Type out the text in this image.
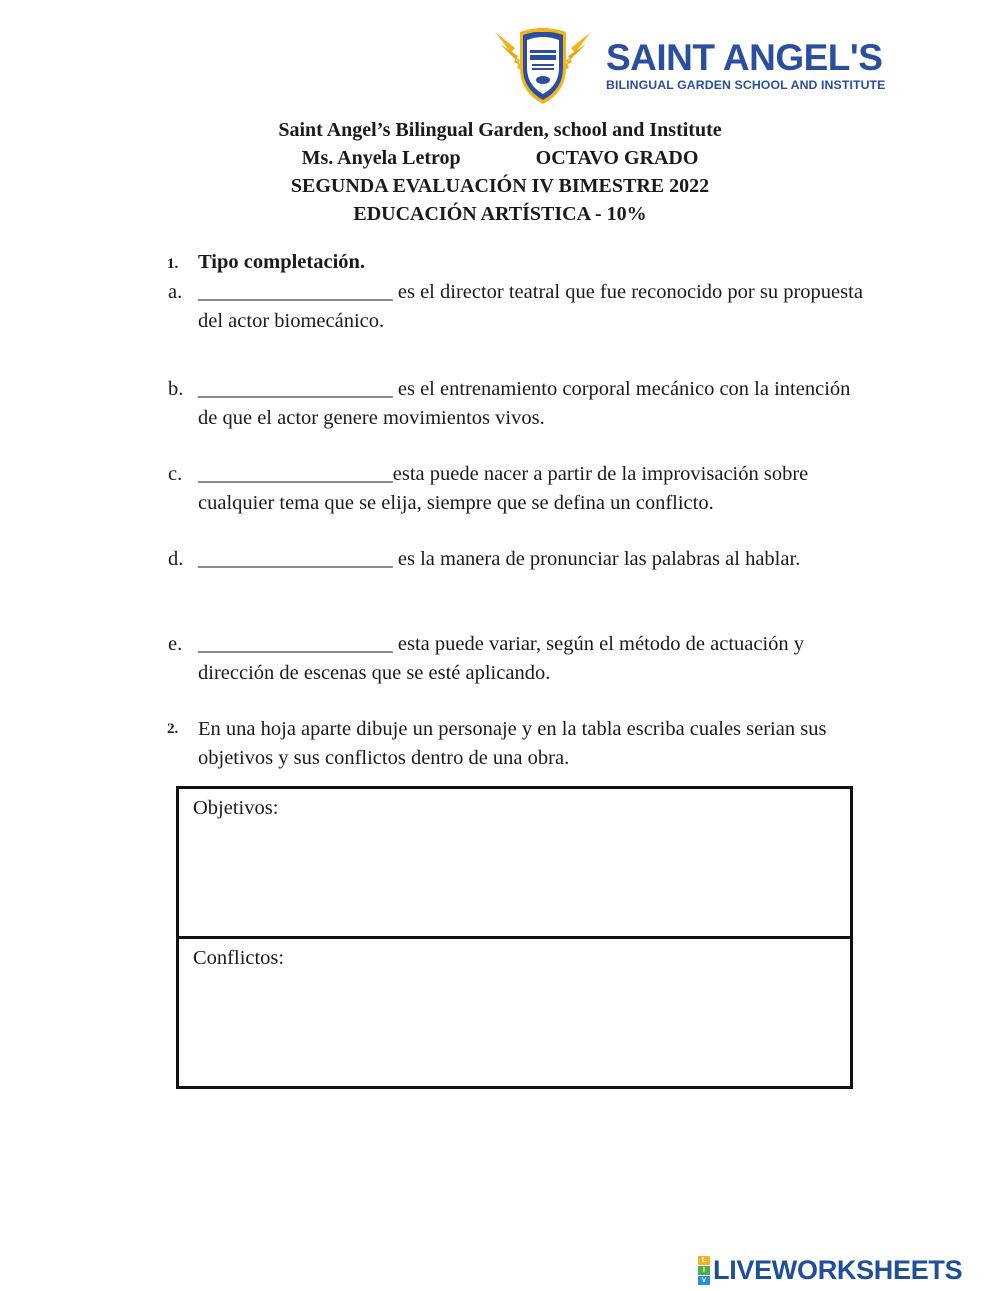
SAINT ANGEL'S
BILINGUAL GARDEN SCHOOL AND INSTITUTE
Saint Angel’s Bilingual Garden, school and Institute
Ms. Anyela Letrop	OCTAVO GRADO
SEGUNDA EVALUACIÓN IV BIMESTRE 2022
EDUCACIÓN ARTÍSTICA - 10%
1. Tipo completación.
a. ___________________ es el director teatral que fue reconocido por su propuesta del actor biomecánico.
b. ___________________ es el entrenamiento corporal mecánico con la intención de que el actor genere movimientos vivos.
c. ___________________esta puede nacer a partir de la improvisación sobre cualquier tema que se elija, siempre que se defina un conflicto.
d. ___________________ es la manera de pronunciar las palabras al hablar.
e. ___________________ esta puede variar, según el método de actuación y dirección de escenas que se esté aplicando.
2. En una hoja aparte dibuje un personaje y en la tabla escriba cuales serian sus objetivos y sus conflictos dentro de una obra.
Objetivos:
Conflictos:
L
I
V LIVEWORKSHEETS
